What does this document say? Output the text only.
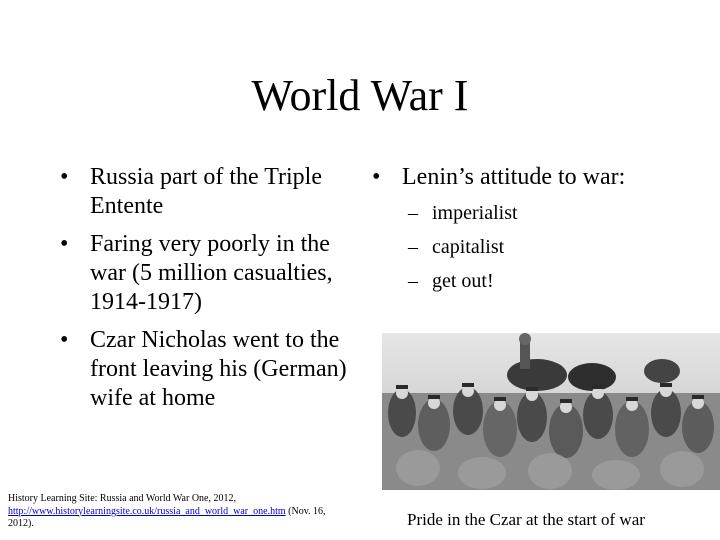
World War I
• Russia part of the Triple Entente
• Faring very poorly in the war (5 million casualties, 1914-1917)
• Czar Nicholas went to the front leaving his (German) wife at home
• Lenin’s attitude to war:
– imperialist
– capitalist
– get out!
Pride in the Czar at the start of war
History Learning Site: Russia and World War One, 2012,
http://www.historylearningsite.co.uk/russia_and_world_war_one.htm (Nov. 16, 2012).
